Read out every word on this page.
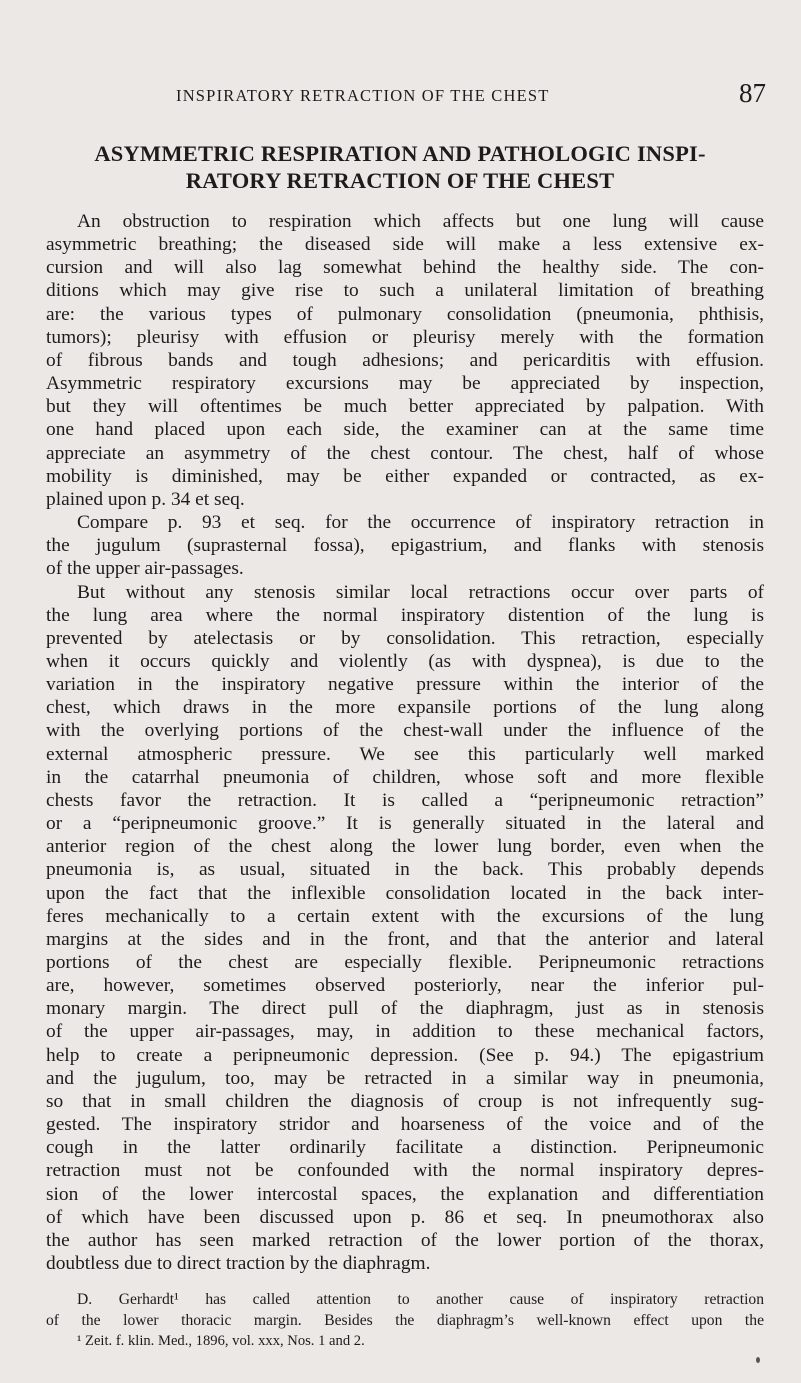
INSPIRATORY RETRACTION OF THE CHEST	87
ASYMMETRIC RESPIRATION AND PATHOLOGIC INSPI-
RATORY RETRACTION OF THE CHEST
An obstruction to respiration which affects but one lung will cause
asymmetric breathing; the diseased side will make a less extensive ex-
cursion and will also lag somewhat behind the healthy side. The con-
ditions which may give rise to such a unilateral limitation of breathing
are: the various types of pulmonary consolidation (pneumonia, phthisis,
tumors); pleurisy with effusion or pleurisy merely with the formation
of fibrous bands and tough adhesions; and pericarditis with effusion.
Asymmetric respiratory excursions may be appreciated by inspection,
but they will oftentimes be much better appreciated by palpation. With
one hand placed upon each side, the examiner can at the same time
appreciate an asymmetry of the chest contour. The chest, half of whose
mobility is diminished, may be either expanded or contracted, as ex-
plained upon p. 34 et seq.
Compare p. 93 et seq. for the occurrence of inspiratory retraction in
the jugulum (suprasternal fossa), epigastrium, and flanks with stenosis
of the upper air-passages.
But without any stenosis similar local retractions occur over parts of
the lung area where the normal inspiratory distention of the lung is
prevented by atelectasis or by consolidation. This retraction, especially
when it occurs quickly and violently (as with dyspnea), is due to the
variation in the inspiratory negative pressure within the interior of the
chest, which draws in the more expansile portions of the lung along
with the overlying portions of the chest-wall under the influence of the
external atmospheric pressure. We see this particularly well marked
in the catarrhal pneumonia of children, whose soft and more flexible
chests favor the retraction. It is called a “peripneumonic retraction”
or a “peripneumonic groove.” It is generally situated in the lateral and
anterior region of the chest along the lower lung border, even when the
pneumonia is, as usual, situated in the back. This probably depends
upon the fact that the inflexible consolidation located in the back inter-
feres mechanically to a certain extent with the excursions of the lung
margins at the sides and in the front, and that the anterior and lateral
portions of the chest are especially flexible. Peripneumonic retractions
are, however, sometimes observed posteriorly, near the inferior pul-
monary margin. The direct pull of the diaphragm, just as in stenosis
of the upper air-passages, may, in addition to these mechanical factors,
help to create a peripneumonic depression. (See p. 94.) The epigastrium
and the jugulum, too, may be retracted in a similar way in pneumonia,
so that in small children the diagnosis of croup is not infrequently sug-
gested. The inspiratory stridor and hoarseness of the voice and of the
cough in the latter ordinarily facilitate a distinction. Peripneumonic
retraction must not be confounded with the normal inspiratory depres-
sion of the lower intercostal spaces, the explanation and differentiation
of which have been discussed upon p. 86 et seq. In pneumothorax also
the author has seen marked retraction of the lower portion of the thorax,
doubtless due to direct traction by the diaphragm.
D. Gerhardt¹ has called attention to another cause of inspiratory retraction
of the lower thoracic margin. Besides the diaphragm’s well-known effect upon the
¹ Zeit. f. klin. Med., 1896, vol. xxx, Nos. 1 and 2.
